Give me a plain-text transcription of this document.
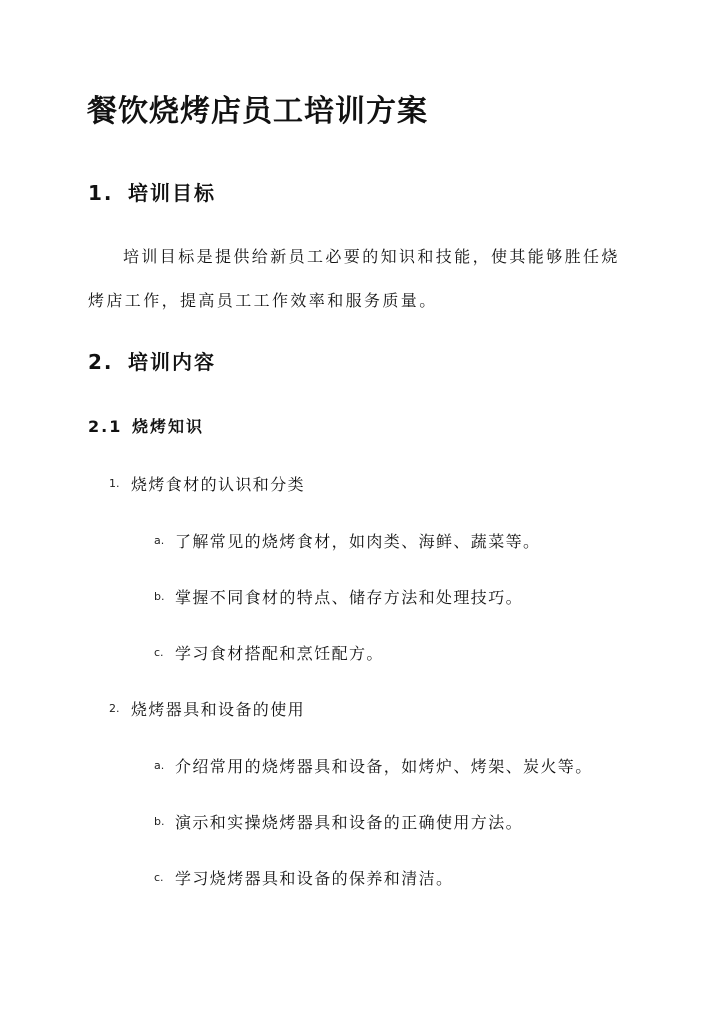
餐饮烧烤店员工培训方案
1. 培训目标
培训目标是提供给新员工必要的知识和技能，使其能够胜任烧
烤店工作，提高员工工作效率和服务质量。
2. 培训内容
2.1 烧烤知识
1. 烧烤食材的认识和分类
a. 了解常见的烧烤食材，如肉类、海鲜、蔬菜等。
b. 掌握不同食材的特点、储存方法和处理技巧。
c. 学习食材搭配和烹饪配方。
2. 烧烤器具和设备的使用
a. 介绍常用的烧烤器具和设备，如烤炉、烤架、炭火等。
b. 演示和实操烧烤器具和设备的正确使用方法。
c. 学习烧烤器具和设备的保养和清洁。
